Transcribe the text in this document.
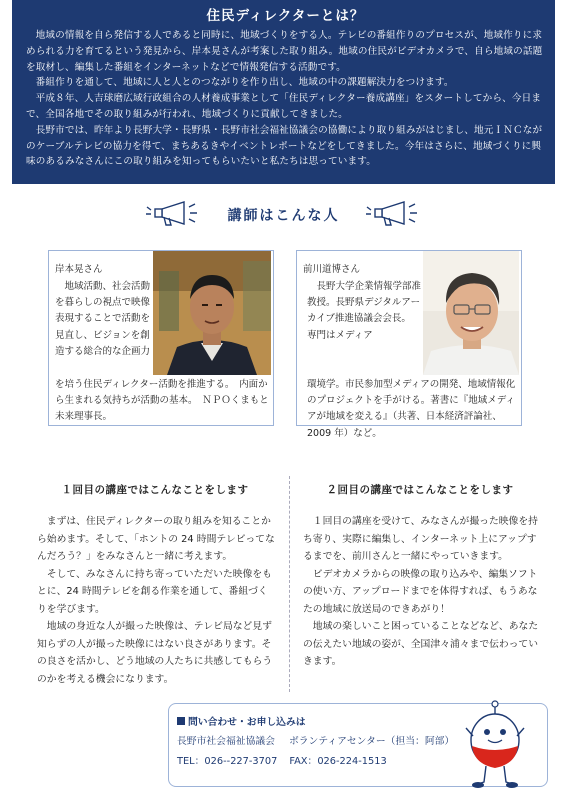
住民ディレクターとは？

地域の情報を自ら発信する人であると同時に、地域づくりをする人。テレビの番組作りのプロセスが、地域作りに求められる力を育てるという発見から、岸本晃さんが考案した取り組み。地域の住民がビデオカメラで、自ら地域の話題を取材し、編集した番組をインターネットなどで情報発信する活動です。

番組作りを通して、地域に人と人とのつながりを作り出し、地域の中の課題解決力をつけます。

平成８年、人吉球磨広域行政組合の人材養成事業として「住民ディレクター養成講座」をスタートしてから、今日まで、全国各地でその取り組みが行われ、地域づくりに貢献してきました。

長野市では、昨年より長野大学・長野県・長野市社会福祉協議会の協働により取り組みがはじまし、地元ＩＮＣながのケーブルテレビの協力を得て、まちあるきやイベントレポートなどをしてきました。今年はさらに、地域づくりに興味のあるみなさんにこの取り組みを知ってもらいたいと私たちは思っています。

講師はこんな人
岸本晃さん
地域活動、社会活動を暮らしの視点で映像表現することで活動を見直し、ビジョンを創造する総合的な企画力
を培う住民ディレクター活動を推進する。　内面から生まれる気持ちが活動の基本。　ＮＰＯくまもと未来理事長。
前川道博さん
長野大学企業情報学部准教授。長野県デジタルアーカイブ推進協議会会長。　専門はメディア
環境学。市民参加型メディアの開発、地域情報化のプロジェクトを手がける。著書に『地域メディアが地域を変える』（共著、日本経済評論社、2009 年）など。
１回目の講座ではこんなことをします	２回目の講座ではこんなことをします

まずは、住民ディレクターの取り組みを知ることから始めます。そして、「ホントの 24 時間テレビってなんだろう？」をみなさんと一緒に考えます。

そして、みなさんに持ち寄っていただいた映像をもとに、24 時間テレビを創る作業を通して、番組づくりを学びます。

地域の身近な人が撮った映像は、テレビ局など見ず知らずの人が撮った映像にはない良さがあります。その良さを活かし、どう地域の人たちに共感してもらうのかを考える機会になります。

１回目の講座を受けて、みなさんが撮った映像を持ち寄り、実際に編集し、インターネット上にアップするまでを、前川さんと一緒にやっていきます。

ビデオカメラからの映像の取り込みや、編集ソフトの使い方、アップロードまでを体得すれば、もうあなたの地域に放送局のできあがり！

地域の楽しいこと困っていることなどなど、あなたの伝えたい地域の姿が、全国津々浦々まで伝わっていきます。

問い合わせ・お申し込みは
長野市社会福祉協議会 ボランティアセンター（担当：阿部）
TEL：026--227-3707 FAX：026-224-1513
